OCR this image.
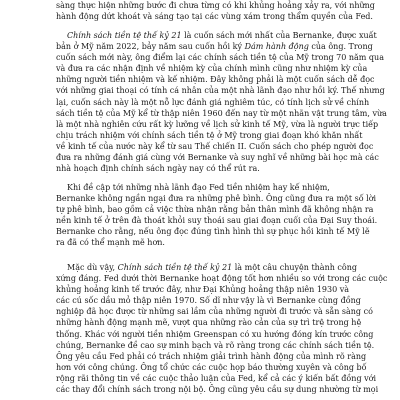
sàng thực hiện những bước đi chưa từng có khi khủng hoảng xảy ra, với những
hành động dứt khoát và sáng tạo tại các vùng xám trong thẩm quyền của Fed.

Chính sách tiền tệ thế kỷ 21 là cuốn sách mới nhất của Bernanke, được xuất
bản ở Mỹ năm 2022, bảy năm sau cuốn hồi ký Dám hành động của ông. Trong
cuốn sách mới này, ông điểm lại các chính sách tiền tệ của Mỹ trong 70 năm qua
và đưa ra các nhận định về nhiệm kỳ của chính mình cũng như nhiệm kỳ của
những người tiền nhiệm và kế nhiệm. Đây không phải là một cuốn sách dễ đọc
với những giai thoại có tính cá nhân của một nhà lãnh đạo như hồi ký. Thế nhưng
lại, cuốn sách này là một nỗ lực đánh giá nghiêm túc, có tính lịch sử về chính
sách tiền tệ của Mỹ kể từ thập niên 1960 đến nay từ một nhãn vật trung tâm, vừa
là một nhà nghiên cứu rất kỳ lưỡng về lịch sử kinh tế Mỹ, vừa là người trực tiếp
chịu trách nhiệm với chính sách tiền tệ ở Mỹ trong giai đoạn khó khăn nhất
về kinh tế của nước này kể từ sau Thế chiến II. Cuốn sách cho phép người đọc
đưa ra những đánh giá cùng với Bernanke và suy nghĩ về những bài học mà các
nhà hoạch định chính sách ngày nay có thể rút ra.

Khi đề cập tới những nhà lãnh đạo Fed tiền nhiệm hay kế nhiệm,
Bernanke không ngần ngại đưa ra những phê bình. Ông cũng đưa ra một số lời
tự phê bình, bao gồm cả việc thừa nhận rằng bản thân mình đã không nhận ra
nền kinh tế ở trên đà thoát khỏi suy thoái sau giai đoạn cuối của Đại Suy thoái.
Bernanke cho rằng, nếu ông đọc đúng tình hình thì sự phục hồi kinh tế Mỹ lẽ
ra đã có thể mạnh mẽ hơn.

Mặc dù vậy, Chính sách tiền tệ thế kỷ 21 là một câu chuyện thành công
xứng đáng. Fed dưới thời Bernanke hoạt động tốt hơn nhiều so với trong các cuộc
khủng hoảng kinh tế trước đây, như Đại Khủng hoảng thập niên 1930 và
các cú sốc dầu mỏ thập niên 1970. Số dĩ như vậy là vì Bernanke cùng đồng
nghiệp đã học được từ những sai lầm của những người đi trước và sẵn sàng có
những hành động mạnh mẽ, vượt qua những rào cản của sự trì trệ trong hệ
thống. Khác với người tiền nhiệm Greenspan có xu hướng đóng kín trước công
chúng, Bernanke đề cao sự minh bạch và rõ ràng trong các chính sách tiền tệ.
Ông yêu cầu Fed phải có trách nhiệm giải trình hành động của mình rõ ràng
hơn với công chúng. Ông tổ chức các cuộc họp báo thường xuyên và công bố
rộng rãi thông tin về các cuộc thảo luận của Fed, kể cả các ý kiến bất đồng với
các thay đổi chính sách trong nội bộ. Ông cũng yêu cầu sự dung nhường từ mọi
